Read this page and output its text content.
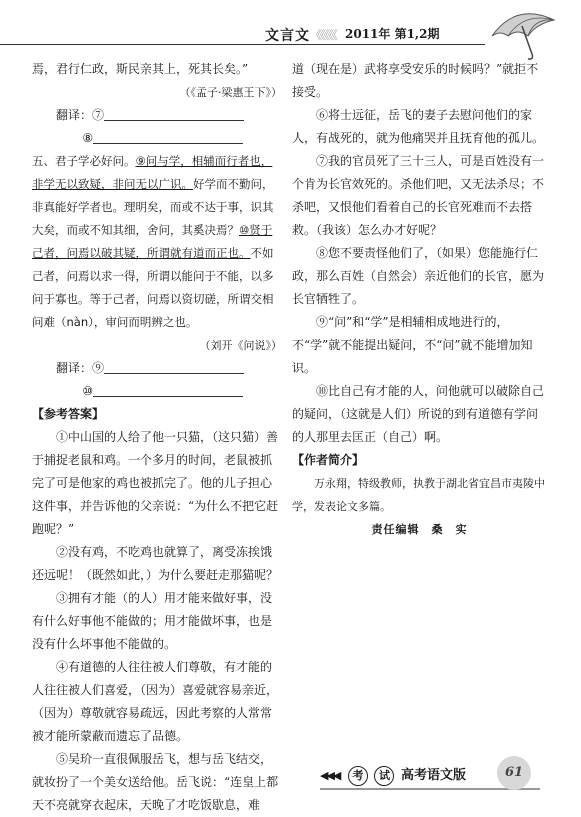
文言文 《《《《《 2011年 第1,2期

焉，君行仁政，斯民亲其上，死其长矣。”

（《孟子·梁惠王下》）

翻译：⑦

⑧

五、君子学必好问。⑨问与学，相辅而行者也，非学无以致疑，非问无以广识。好学而不勤问，非真能好学者也。理明矣，而或不达于事，识其大矣，而或不知其细，舍问，其奚决焉？⑩贤于己者，问焉以破其疑，所谓就有道而正也。不如己者，问焉以求一得，所谓以能问于不能，以多问于寡也。等于己者，问焉以资切磋，所谓交相问难（nàn），审问而明辨之也。

（刘开《问说》）

翻译：⑨

⑩

【参考答案】

①中山国的人给了他一只猫，（这只猫）善于捕捉老鼠和鸡。一个多月的时间，老鼠被抓完了可是他家的鸡也被抓完了。他的儿子担心这件事，并告诉他的父亲说：“为什么不把它赶跑呢？”

②没有鸡，不吃鸡也就算了，离受冻挨饿还远呢！（既然如此，）为什么要赶走那猫呢？

③拥有才能（的人）用才能来做好事，没有什么好事他不能做的；用才能做坏事，也是没有什么坏事他不能做的。

④有道德的人往往被人们尊敬，有才能的人往往被人们喜爱，（因为）喜爱就容易亲近，（因为）尊敬就容易疏远，因此考察的人常常被才能所蒙蔽而遗忘了品德。

⑤吴玠一直很佩服岳飞，想与岳飞结交，就妆扮了一个美女送给他。岳飞说：“连皇上都天不亮就穿衣起床，天晚了才吃饭歇息，难

道（现在是）武将享受安乐的时候吗？”就拒不接受。

⑥将士远征，岳飞的妻子去慰问他们的家人，有战死的，就为他痛哭并且抚育他的孤儿。

⑦我的官员死了三十三人，可是百姓没有一个肯为长官效死的。杀他们吧，又无法杀尽；不杀吧，又恨他们看着自己的长官死难而不去搭救。（我该）怎么办才好呢？

⑧您不要责怪他们了，（如果）您能施行仁政，那么百姓（自然会）亲近他们的长官，愿为长官牺牲了。

⑨“问”和“学”是相辅相成地进行的，不“学”就不能提出疑问，不“问”就不能增加知识。

⑩比自己有才能的人，问他就可以破除自己的疑问，（这就是人们）所说的到有道德有学问的人那里去匡正（自己）啊。

【作者简介】

万永翔，特级教师，执教于湖北省宜昌市夷陵中学，发表论文多篇。

责任编辑　桑　实

◀◀◀ 考 试 高考语文版	61
